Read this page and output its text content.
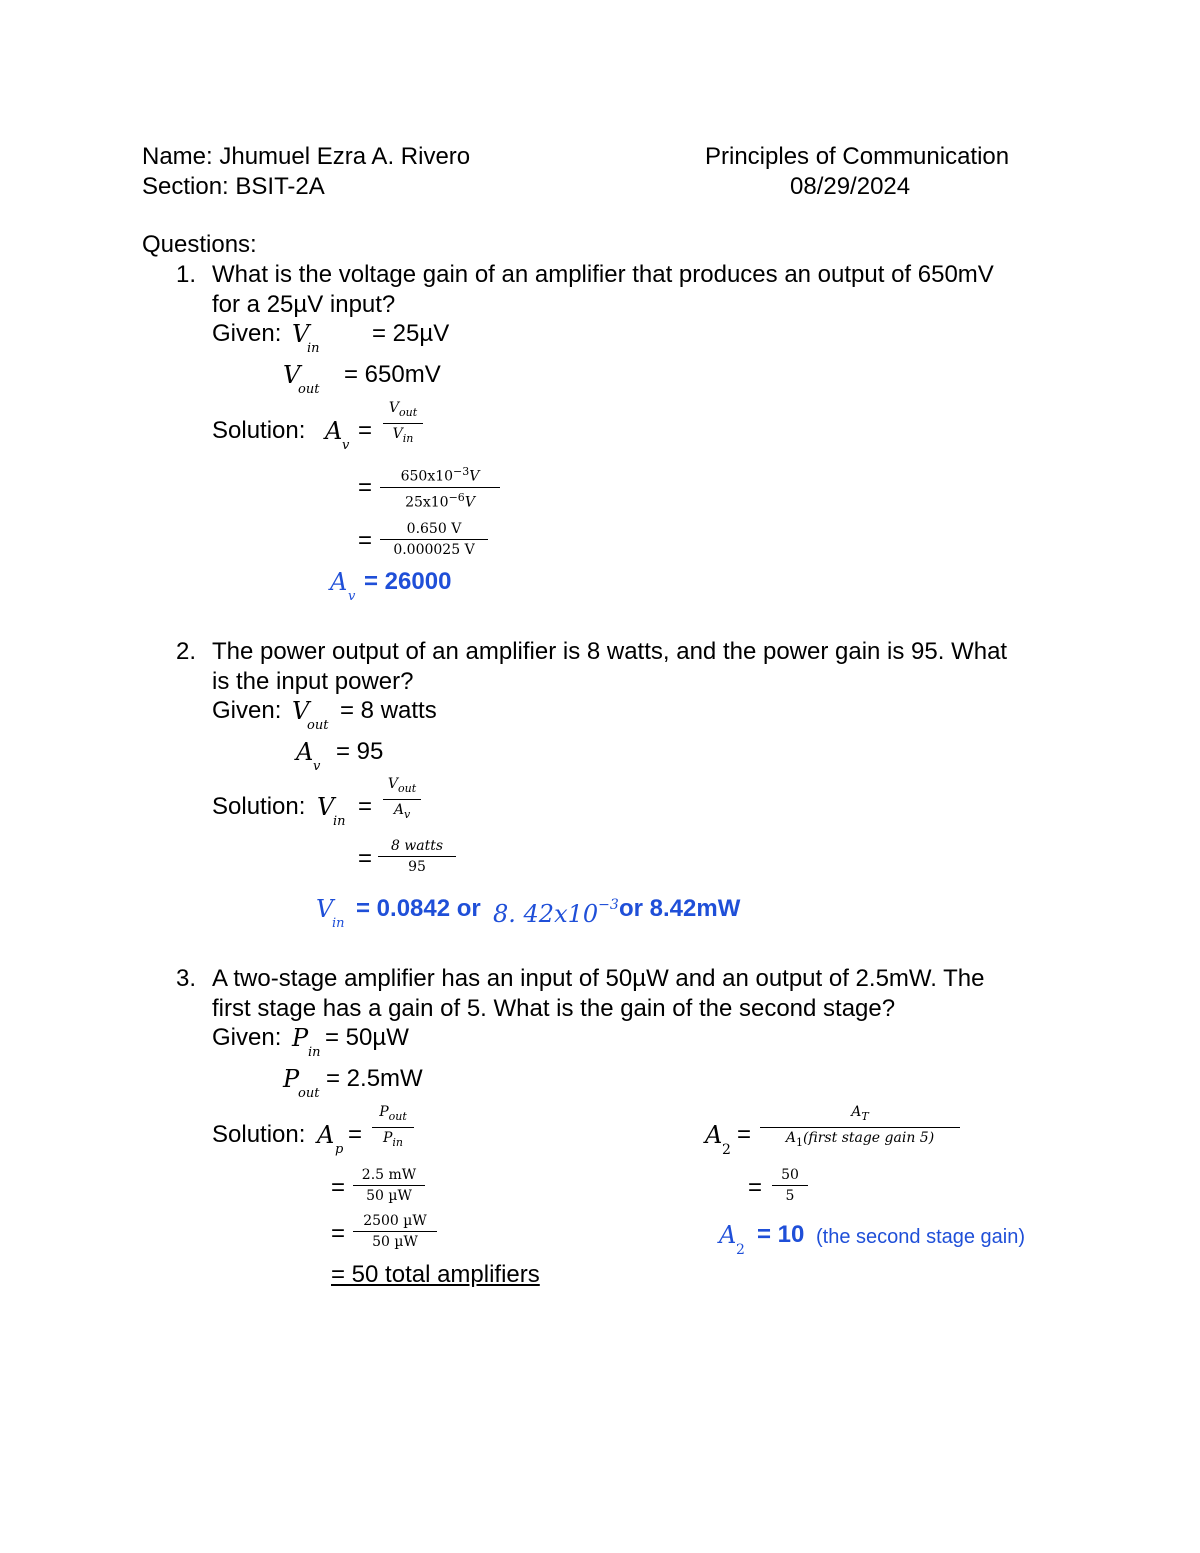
Name: Jhumuel Ezra A. Rivero
Section: BSIT-2A
Principles of Communication
08/29/2024
Questions:
1. What is the voltage gain of an amplifier that produces an output of 650mV
for a 25µV input?
Given: V
in
= 25µV
V
out
= 650mV
Solution: A
v
=
$V_{out}$
$V_{in}$
=	$650x10^{-3}V$
$25x10^{-6}V$
=	0.650 V
0.000025 V
A
v
= 26000
2. The power output of an amplifier is 8 watts, and the power gain is 95. What
is the input power?
Given: V
out
= 8 watts
A
v
= 95
Solution: V
in
=
$V_{out}$
$A_v$
=	8 watts
95
V
in
= 0.0842 or 8. $42x10^{-3}$ or 8.42mW
3. A two-stage amplifier has an input of 50µW and an output of 2.5mW. The
first stage has a gain of 5. What is the gain of the second stage?
Given: P
in
= 50µW
P
out
= 2.5mW
Solution: A
p
=
$P_{out}$
$P_{in}$
=	2.5 mW
50 µW
=	2500 µW
50 µW
= 50 total amplifiers
A
2
=
$A_T$
$A_1(first$ stage gain 5)
=	50
5
A
2
= 10 (the second stage gain)
